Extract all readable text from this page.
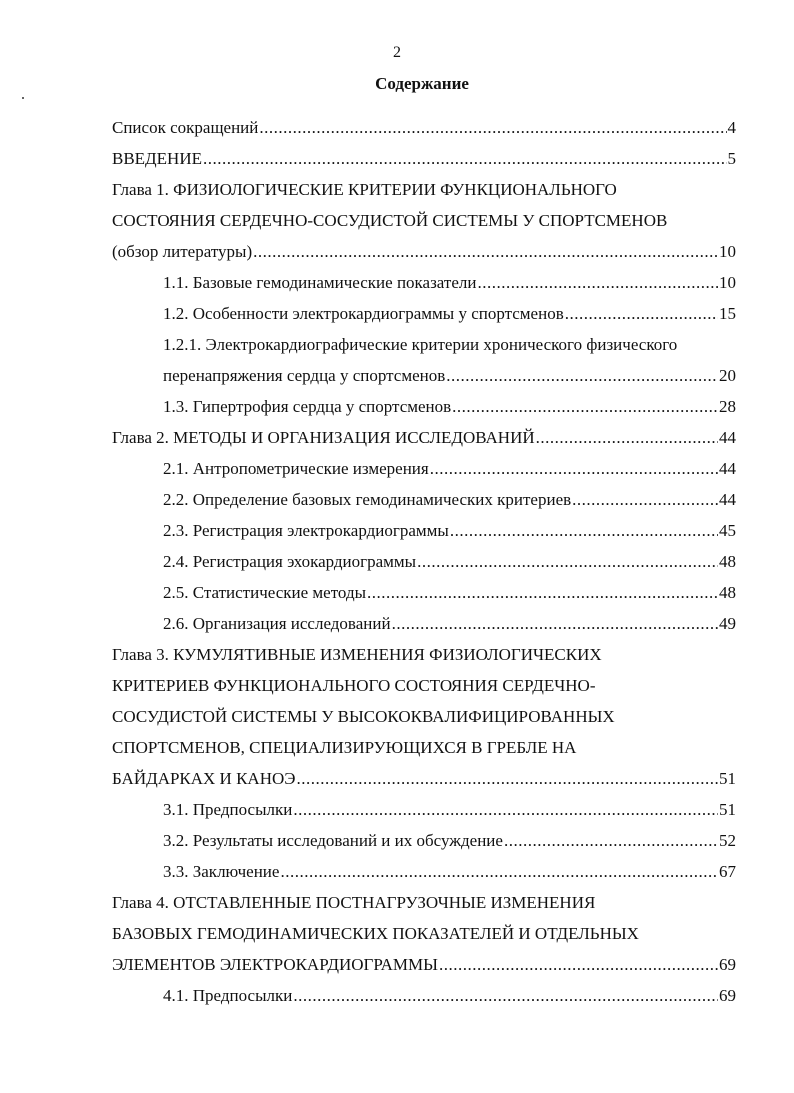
2
Содержание
Список сокращений .....	4
ВВЕДЕНИЕ .....	5
Глава 1. ФИЗИОЛОГИЧЕСКИЕ КРИТЕРИИ ФУНКЦИОНАЛЬНОГО
СОСТОЯНИЯ СЕРДЕЧНО-СОСУДИСТОЙ СИСТЕМЫ У СПОРТСМЕНОВ
(обзор литературы) .....	10
1.1. Базовые гемодинамические показатели .....	10
1.2. Особенности электрокардиограммы у спортсменов .....	15
1.2.1. Электрокардиографические критерии хронического физического
перенапряжения сердца у спортсменов .....	20
1.3. Гипертрофия сердца у спортсменов .....	28
Глава 2. МЕТОДЫ И ОРГАНИЗАЦИЯ ИССЛЕДОВАНИЙ .....	44
2.1. Антропометрические измерения .....	44
2.2. Определение базовых гемодинамических критериев .....	44
2.3. Регистрация электрокардиограммы .....	45
2.4. Регистрация эхокардиограммы .....	48
2.5. Статистические методы .....	48
2.6. Организация исследований .....	49
Глава 3. КУМУЛЯТИВНЫЕ ИЗМЕНЕНИЯ ФИЗИОЛОГИЧЕСКИХ
КРИТЕРИЕВ ФУНКЦИОНАЛЬНОГО СОСТОЯНИЯ СЕРДЕЧНО-
СОСУДИСТОЙ СИСТЕМЫ У ВЫСОКОКВАЛИФИЦИРОВАННЫХ
СПОРТСМЕНОВ, СПЕЦИАЛИЗИРУЮЩИХСЯ В ГРЕБЛЕ НА
БАЙДАРКАХ И КАНОЭ .....	51
3.1. Предпосылки .....	51
3.2. Результаты исследований и их обсуждение .....	52
3.3. Заключение .....	67
Глава 4. ОТСТАВЛЕННЫЕ ПОСТНАГРУЗОЧНЫЕ ИЗМЕНЕНИЯ
БАЗОВЫХ ГЕМОДИНАМИЧЕСКИХ ПОКАЗАТЕЛЕЙ И ОТДЕЛЬНЫХ
ЭЛЕМЕНТОВ ЭЛЕКТРОКАРДИОГРАММЫ .....	69
4.1. Предпосылки .....	69
